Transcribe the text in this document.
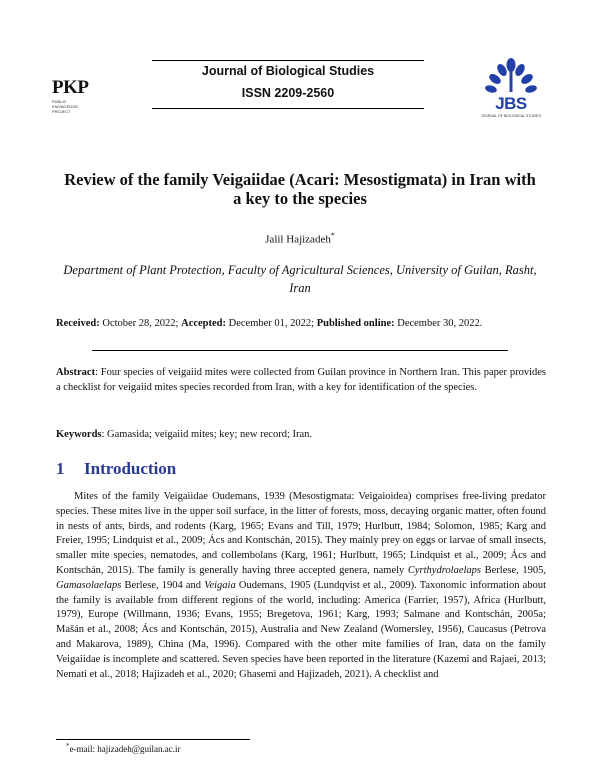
PKP
PUBLIC KNOWLEDGE PROJECT
Journal of Biological Studies
ISSN 2209-2560
JBS
JOURNAL OF BIOLOGICAL STUDIES
Review of the family Veigaiidae (Acari: Mesostigmata) in Iran with a key to the species
Jalil Hajizadeh*
Department of Plant Protection, Faculty of Agricultural Sciences, University of Guilan, Rasht, Iran
Received: October 28, 2022; Accepted: December 01, 2022; Published online: December 30, 2022.
Abstract: Four species of veigaiid mites were collected from Guilan province in Northern Iran. This paper provides a checklist for veigaiid mites species recorded from Iran, with a key for identification of the species.
Keywords: Gamasida; veigaiid mites; key; new record; Iran.
1 Introduction
Mites of the family Veigaiidae Oudemans, 1939 (Mesostigmata: Veigaioidea) comprises free-living predator species. These mites live in the upper soil surface, in the litter of forests, moss, decaying organic matter, often found in nests of ants, birds, and rodents (Karg, 1965; Evans and Till, 1979; Hurlbutt, 1984; Solomon, 1985; Karg and Freier, 1995; Lindquist et al., 2009; Ács and Kontschán, 2015). They mainly prey on eggs or larvae of small insects, smaller mite species, nematodes, and collembolans (Karg, 1961; Hurlbutt, 1965; Lindquist et al., 2009; Ács and Kontschán, 2015). The family is generally having three accepted genera, namely Cyrthydrolaelaps Berlese, 1905, Gamasolaelaps Berlese, 1904 and Veigaia Oudemans, 1905 (Lundqvist et al., 2009). Taxonomic information about the family is available from different regions of the world, including: America (Farrier, 1957), Africa (Hurlbutt, 1979), Europe (Willmann, 1936; Evans, 1955; Bregetova, 1961; Karg, 1993; Salmane and Kontschán, 2005a; Mašán et al., 2008; Ács and Kontschán, 2015), Australia and New Zealand (Womersley, 1956), Caucasus (Petrova and Makarova, 1989), China (Ma, 1996). Compared with the other mite families of Iran, data on the family Veigaiidae is incomplete and scattered. Seven species have been reported in the literature (Kazemi and Rajaei, 2013; Nemati et al., 2018; Hajizadeh et al., 2020; Ghasemi and Hajizadeh, 2021). A checklist and
*e-mail: hajizadeh@guilan.ac.ir
